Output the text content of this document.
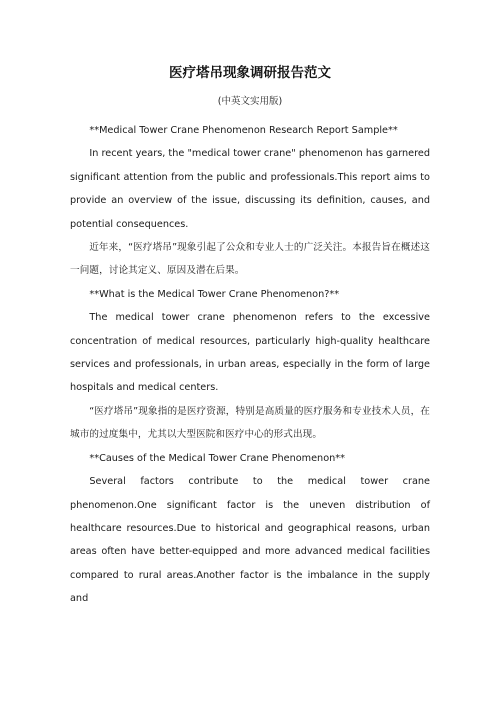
医疗塔吊现象调研报告范文
(中英文实用版)

**Medical Tower Crane Phenomenon Research Report Sample**

In recent years, the "medical tower crane" phenomenon has garnered significant attention from the public and professionals.This report aims to provide an overview of the issue, discussing its definition, causes, and potential consequences.

近年来，“医疗塔吊”现象引起了公众和专业人士的广泛关注。本报告旨在概述这一问题，讨论其定义、原因及潜在后果。

**What is the Medical Tower Crane Phenomenon?**

The medical tower crane phenomenon refers to the excessive concentration of medical resources, particularly high-quality healthcare services and professionals, in urban areas, especially in the form of large hospitals and medical centers.

“医疗塔吊”现象指的是医疗资源，特别是高质量的医疗服务和专业技术人员，在城市的过度集中，尤其以大型医院和医疗中心的形式出现。

**Causes of the Medical Tower Crane Phenomenon**

Several factors contribute to the medical tower crane phenomenon.One significant factor is the uneven distribution of healthcare resources.Due to historical and geographical reasons, urban areas often have better-equipped and more advanced medical facilities compared to rural areas.Another factor is the imbalance in the supply and
